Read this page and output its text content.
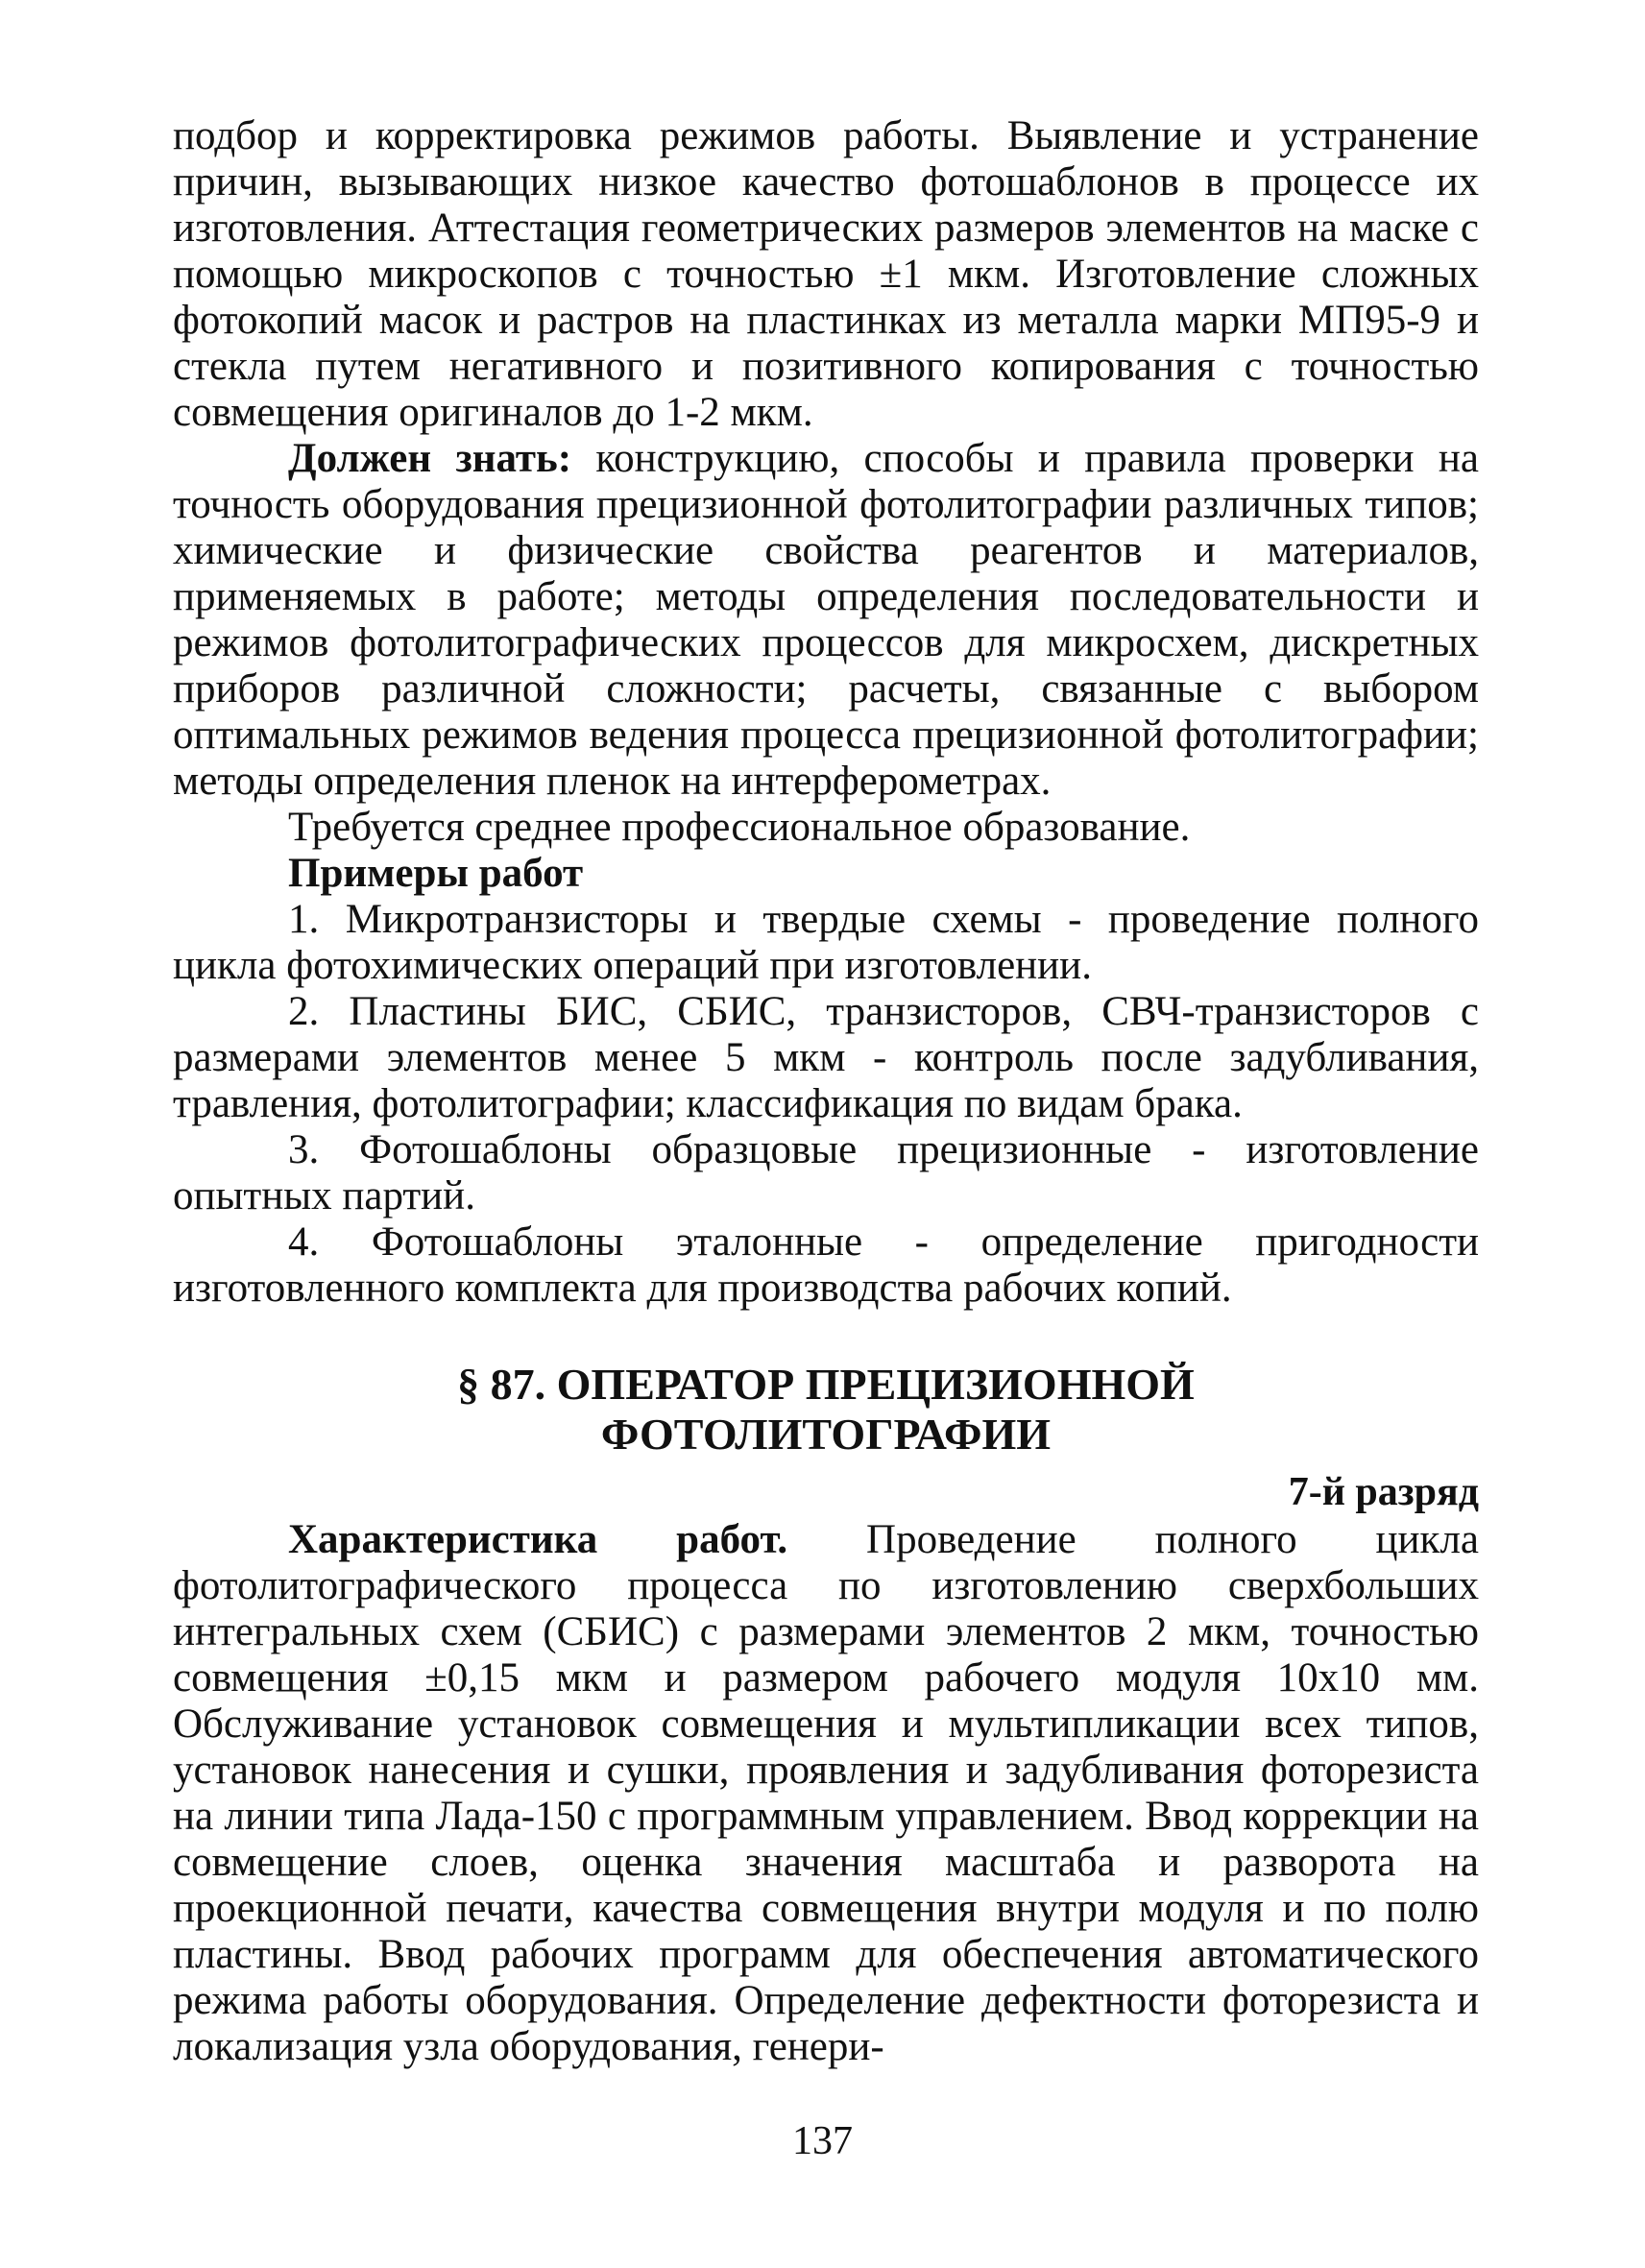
подбор и корректировка режимов работы. Выявление и устранение причин, вызывающих низкое качество фотошаблонов в процессе их изготовления. Аттестация геометрических размеров элементов на маске с помощью микроскопов с точностью ±1 мкм. Изготовление сложных фотокопий масок и растров на пластинках из металла марки МП95-9 и стекла путем негативного и позитивного копирования с точностью совмещения оригиналов до 1-2 мкм.

Должен знать: конструкцию, способы и правила проверки на точность оборудования прецизионной фотолитографии различных типов; химические и физические свойства реагентов и материалов, применяемых в работе; методы определения последовательности и режимов фотолитографических процессов для микросхем, дискретных приборов различной сложности; расчеты, связанные с выбором оптимальных режимов ведения процесса прецизионной фотолитографии; методы определения пленок на интерферометрах.

Требуется среднее профессиональное образование.

Примеры работ

1. Микротранзисторы и твердые схемы - проведение полного цикла фотохимических операций при изготовлении.

2. Пластины БИС, СБИС, транзисторов, СВЧ-транзисторов с размерами элементов менее 5 мкм - контроль после задубливания, травления, фотолитографии; классификация по видам брака.

3. Фотошаблоны образцовые прецизионные - изготовление опытных партий.

4. Фотошаблоны эталонные - определение пригодности изготовленного комплекта для производства рабочих копий.

§ 87. ОПЕРАТОР ПРЕЦИЗИОННОЙ
ФОТОЛИТОГРАФИИ
7-й разряд

Характеристика работ. Проведение полного цикла фотолитографического процесса по изготовлению сверхбольших интегральных схем (СБИС) с размерами элементов 2 мкм, точностью совмещения ±0,15 мкм и размером рабочего модуля 10х10 мм. Обслуживание установок совмещения и мультипликации всех типов, установок нанесения и сушки, проявления и задубливания фоторезиста на линии типа Лада-150 с программным управлением. Ввод коррекции на совмещение слоев, оценка значения масштаба и разворота на проекционной печати, качества совмещения внутри модуля и по полю пластины. Ввод рабочих программ для обеспечения автоматического режима работы оборудования. Определение дефектности фоторезиста и локализация узла оборудования, генери-

137
